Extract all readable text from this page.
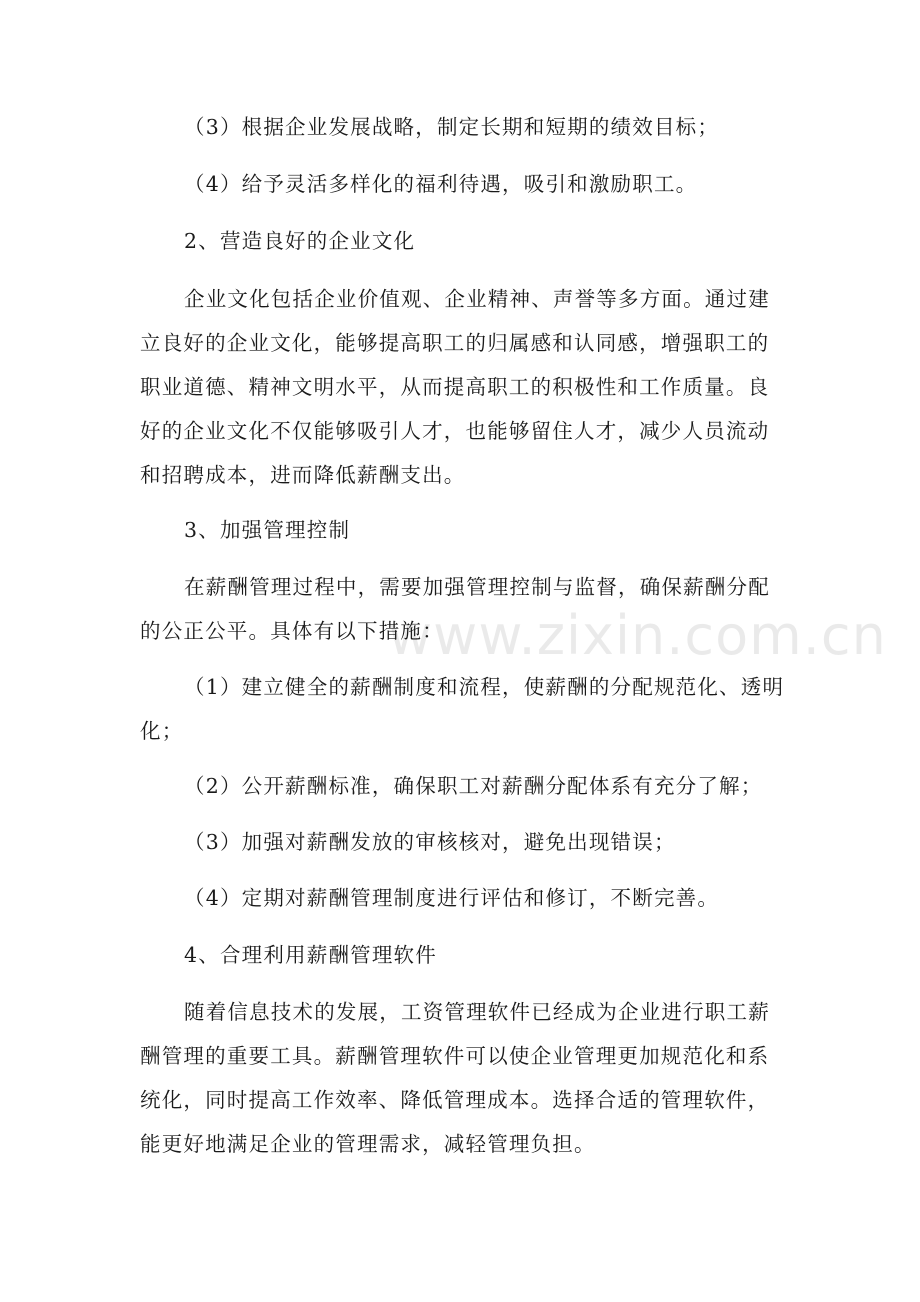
（3）根据企业发展战略，制定长期和短期的绩效目标；
（4）给予灵活多样化的福利待遇，吸引和激励职工。
2、营造良好的企业文化
企业文化包括企业价值观、企业精神、声誉等多方面。通过建
立良好的企业文化，能够提高职工的归属感和认同感，增强职工的
职业道德、精神文明水平，从而提高职工的积极性和工作质量。良
好的企业文化不仅能够吸引人才，也能够留住人才，减少人员流动
和招聘成本，进而降低薪酬支出。
3、加强管理控制
在薪酬管理过程中，需要加强管理控制与监督，确保薪酬分配
的公正公平。具体有以下措施：
（1）建立健全的薪酬制度和流程，使薪酬的分配规范化、透明
化；
（2）公开薪酬标准，确保职工对薪酬分配体系有充分了解；
（3）加强对薪酬发放的审核核对，避免出现错误；
（4）定期对薪酬管理制度进行评估和修订，不断完善。
4、合理利用薪酬管理软件
随着信息技术的发展，工资管理软件已经成为企业进行职工薪
酬管理的重要工具。薪酬管理软件可以使企业管理更加规范化和系
统化，同时提高工作效率、降低管理成本。选择合适的管理软件，
能更好地满足企业的管理需求，减轻管理负担。
www.zixin.com.cn
